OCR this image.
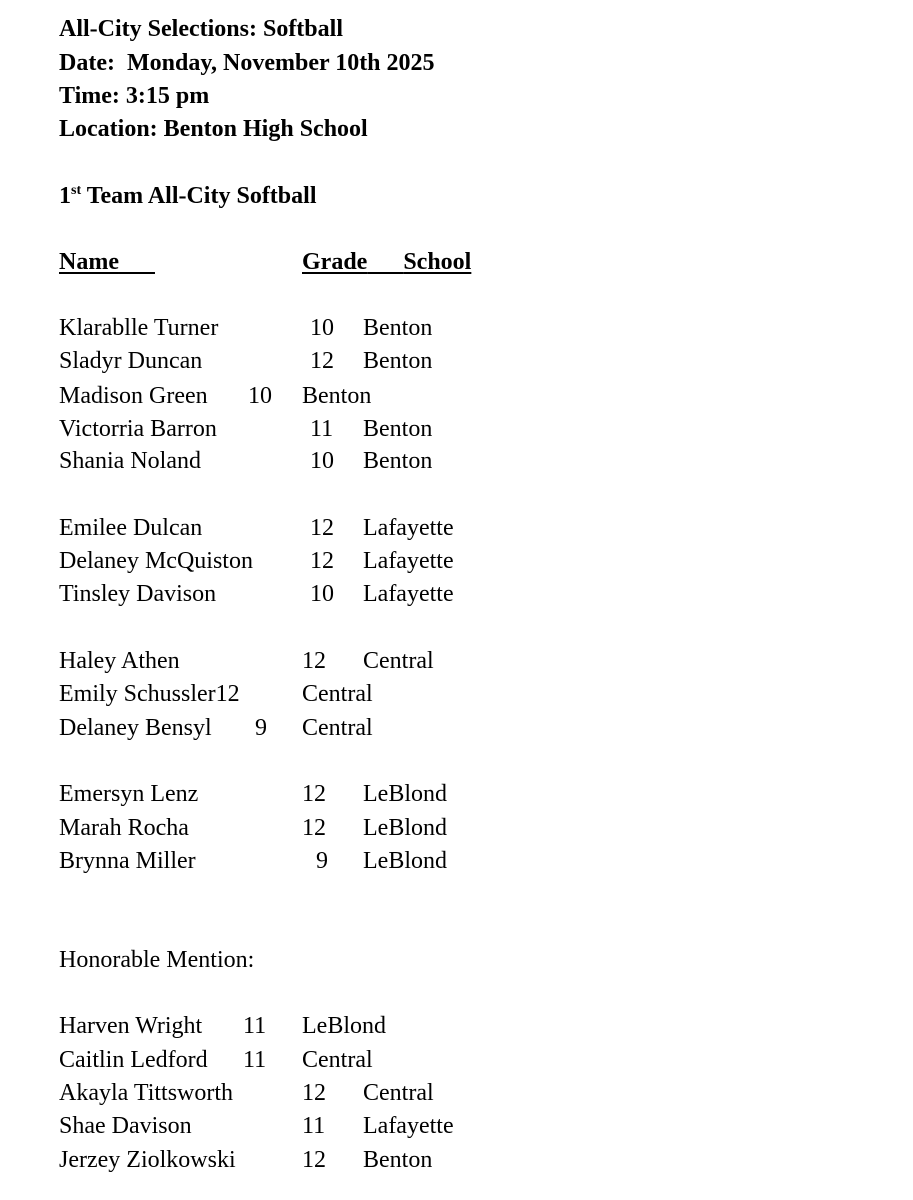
All-City Selections: Softball
Date:  Monday, November 10th 2025
Time: 3:15 pm
Location: Benton High School
1st Team All-City Softball
Name	Grade School
Klarablle Turner	10 Benton
Sladyr Duncan	12 Benton
Madison Green 10 Benton
Victorria Barron	11 Benton
Shania Noland	10 Benton
Emilee Dulcan	12 Lafayette
Delaney McQuiston 12 Lafayette
Tinsley Davison	10 Lafayette
Haley Athen	12 Central
Emily Schussler 12	Central
Delaney Bensyl 9 Central
Emersyn Lenz	12 LeBlond
Marah Rocha	12 LeBlond
Brynna Miller	9 LeBlond
Honorable Mention:
Harven Wright 11 LeBlond
Caitlin Ledford 11 Central
Akayla Tittsworth	12 Central
Shae Davison	11 Lafayette
Jerzey Ziolkowski	12 Benton
